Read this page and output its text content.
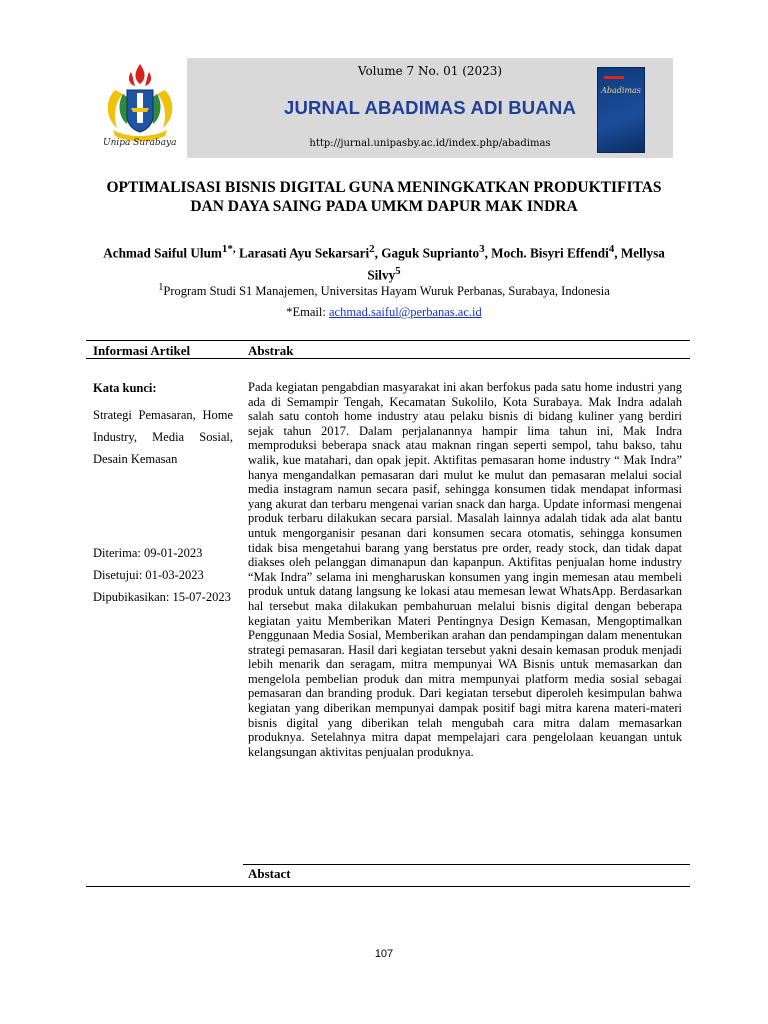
Unipa Surabaya
Volume 7 No. 01 (2023)
JURNAL ABADIMAS ADI BUANA
http://jurnal.unipasby.ac.id/index.php/abadimas
Abadimas
OPTIMALISASI BISNIS DIGITAL GUNA MENINGKATKAN PRODUKTIFITAS DAN DAYA SAING PADA UMKM DAPUR MAK INDRA
Achmad Saiful Ulum$^{1*,}$ Larasati Ayu Sekarsari$^2$, Gaguk Suprianto$^3$, Moch. Bisyri Effendi$^4$, Mellysa Silvy$^5$
$^1$Program Studi S1 Manajemen, Universitas Hayam Wuruk Perbanas, Surabaya, Indonesia
*Email: achmad.saiful@perbanas.ac.id
Informasi Artikel	Abstrak
Kata kunci:
Strategi Pemasaran, Home Industry, Media Sosial, Desain Kemasan
Diterima: 09-01-2023
Disetujui: 01-03-2023
Dipubikasikan: 15-07-2023

Pada kegiatan pengabdian masyarakat ini akan berfokus pada satu home industri yang ada di Semampir Tengah, Kecamatan Sukolilo, Kota Surabaya. Mak Indra adalah salah satu contoh home industry atau pelaku bisnis di bidang kuliner yang berdiri sejak tahun 2017. Dalam perjalanannya hampir lima tahun ini, Mak Indra memproduksi beberapa snack atau maknan ringan seperti sempol, tahu bakso, tahu walik, kue matahari, dan opak jepit. Aktifitas pemasaran home industry “ Mak Indra” hanya mengandalkan pemasaran dari mulut ke mulut dan pemasaran melalui social media instagram namun secara pasif, sehingga konsumen tidak mendapat informasi yang akurat dan terbaru mengenai varian snack dan harga. Update informasi mengenai produk terbaru dilakukan secara parsial. Masalah lainnya adalah tidak ada alat bantu untuk mengorganisir pesanan dari konsumen secara otomatis, sehingga konsumen tidak bisa mengetahui barang yang berstatus pre order, ready stock, dan tidak dapat diakses oleh pelanggan dimanapun dan kapanpun. Aktifitas penjualan home industry “Mak Indra” selama ini mengharuskan konsumen yang ingin memesan atau membeli produk untuk datang langsung ke lokasi atau memesan lewat WhatsApp. Berdasarkan hal tersebut maka dilakukan pembahuruan melalui bisnis digital dengan beberapa kegiatan yaitu Memberikan Materi Pentingnya Design Kemasan, Mengoptimalkan Penggunaan Media Sosial, Memberikan arahan dan pendampingan dalam menentukan strategi pemasaran. Hasil dari kegiatan tersebut yakni desain kemasan produk menjadi lebih menarik dan seragam, mitra mempunyai WA Bisnis untuk memasarkan dan mengelola pembelian produk dan mitra mempunyai platform media sosial sebagai pemasaran dan branding produk. Dari kegiatan tersebut diperoleh kesimpulan bahwa kegiatan yang diberikan mempunyai dampak positif bagi mitra karena materi-materi bisnis digital yang diberikan telah mengubah cara mitra dalam memasarkan produknya. Setelahnya mitra dapat mempelajari cara pengelolaan keuangan untuk kelangsungan aktivitas penjualan produknya.

Abstact
107
